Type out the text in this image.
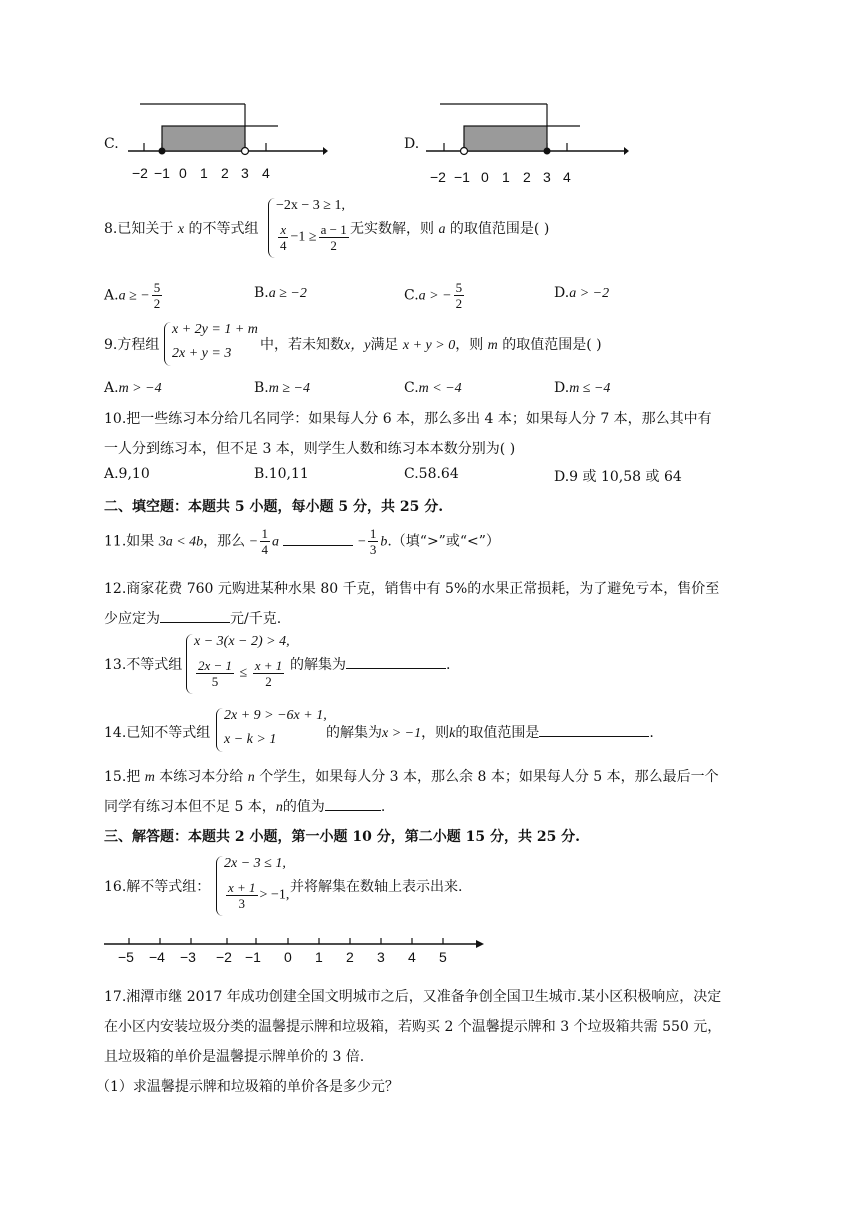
C.
−2 −1 0 1 2 3 4
D.
−2 −1 0 1 2 3 4
8.已知关于 x 的不等式组
−2x − 3 ≥ 1,
$\frac{x}{4} -1 \ge \frac{a - 1}{2}$ 无实数解，则 a 的取值范围是( )
A.a ≥ − $\frac{5}{2}$	B.a ≥ −2	C.a > − $\frac{5}{2}$	D.a > −2
9.方程组
x + 2y = 1 + m
2x + y = 3
中，若未知数x，y满足 x + y > 0，则 m 的取值范围是( )
A.m > −4	B.m ≥ −4	C.m < −4	D.m ≤ −4
10.把一些练习本分给几名同学：如果每人分 6 本，那么多出 4 本；如果每人分 7 本，那么其中有
一人分到练习本，但不足 3 本，则学生人数和练习本本数分别为( )
A.9,10	B.10,11	C.58.64	D.9 或 10,58 或 64
二、填空题：本题共 5 小题，每小题 5 分，共 25 分.
11.如果 3a < 4b，那么 − $\frac{1}{4}$ a	− $\frac{1}{3} b$.（填“>”或“<”）
12.商家花费 760 元购进某种水果 80 千克，销售中有 5%的水果正常损耗，为了避免亏本，售价至
少应定为	元/千克.
13.不等式组
x − 3(x − 2) > 4,
$\frac{2x - 1}{5} \le \frac{x + 1}{2}$ 的解集为	.
14.已知不等式组
2x + 9 > −6x + 1,
x − k > 1	的解集为x > −1，则k的取值范围是	.
15.把 m 本练习本分给 n 个学生，如果每人分 3 本，那么余 8 本；如果每人分 5 本，那么最后一个
同学有练习本但不足 5 本，n的值为	.
三、解答题：本题共 2 小题，第一小题 10 分，第二小题 15 分，共 25 分.
16.解不等式组：
2x − 3 ≤ 1,
$\frac{x + 1}{3} > -1$,
并将解集在数轴上表示出来.
−5 −4 −3 −2 −1 0 1 2 3 4 5
17.湘潭市继 2017 年成功创建全国文明城市之后，又准备争创全国卫生城市.某小区积极响应，决定
在小区内安装垃圾分类的温馨提示牌和垃圾箱，若购买 2 个温馨提示牌和 3 个垃圾箱共需 550 元，
且垃圾箱的单价是温馨提示牌单价的 3 倍.
（1）求温馨提示牌和垃圾箱的单价各是多少元？
